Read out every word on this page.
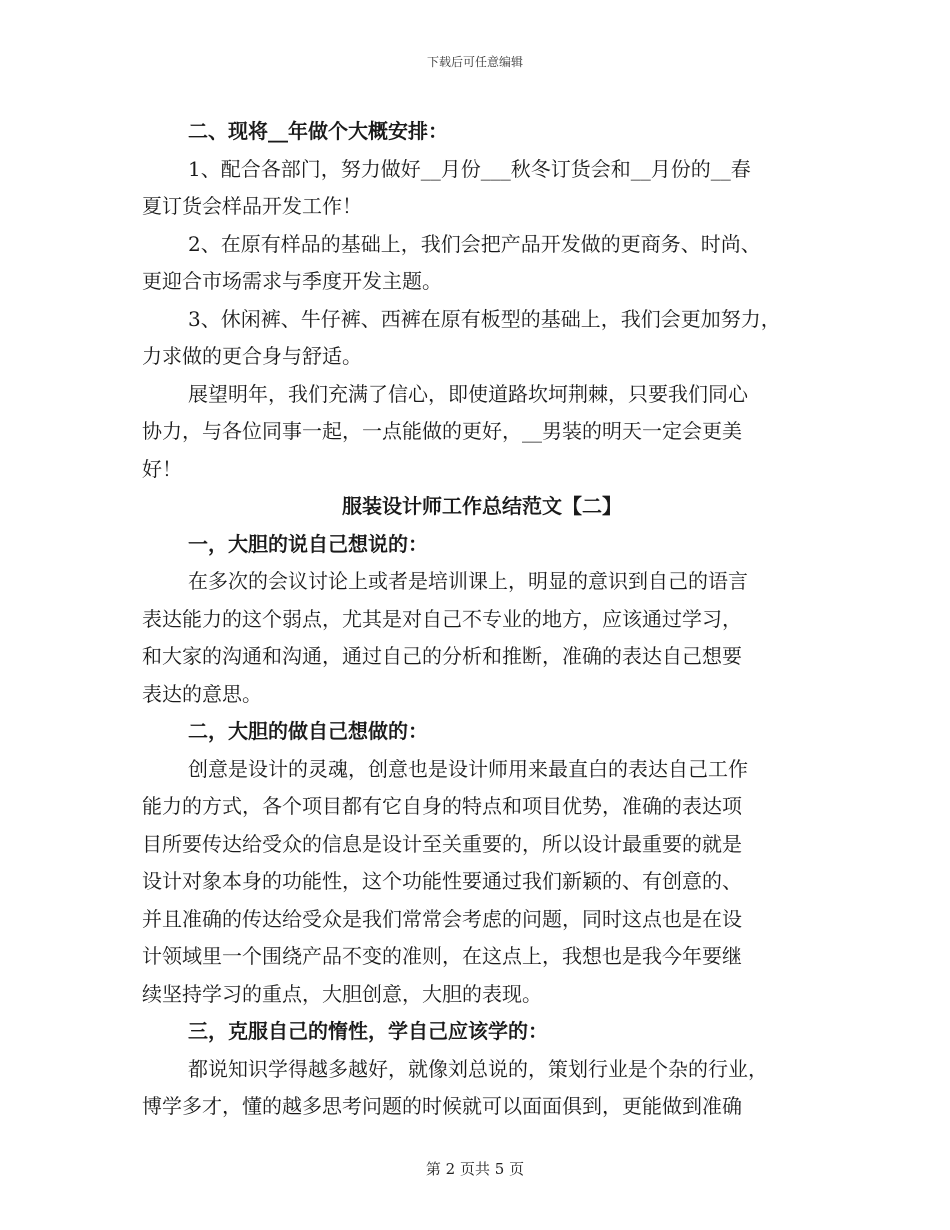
下载后可任意编辑
二、现将__年做个大概安排：
1、配合各部门，努力做好__月份___秋冬订货会和__月份的__春
夏订货会样品开发工作！
2、在原有样品的基础上，我们会把产品开发做的更商务、时尚、
更迎合市场需求与季度开发主题。
3、休闲裤、牛仔裤、西裤在原有板型的基础上，我们会更加努力，
力求做的更合身与舒适。
展望明年，我们充满了信心，即使道路坎坷荆棘，只要我们同心
协力，与各位同事一起，一点能做的更好，__男装的明天一定会更美
好！
服装设计师工作总结范文【二】
一，大胆的说自己想说的：
在多次的会议讨论上或者是培训课上，明显的意识到自己的语言
表达能力的这个弱点，尤其是对自己不专业的地方，应该通过学习，
和大家的沟通和沟通，通过自己的分析和推断，准确的表达自己想要
表达的意思。
二，大胆的做自己想做的：
创意是设计的灵魂，创意也是设计师用来最直白的表达自己工作
能力的方式，各个项目都有它自身的特点和项目优势，准确的表达项
目所要传达给受众的信息是设计至关重要的，所以设计最重要的就是
设计对象本身的功能性，这个功能性要通过我们新颖的、有创意的、
并且准确的传达给受众是我们常常会考虑的问题，同时这点也是在设
计领域里一个围绕产品不变的准则，在这点上，我想也是我今年要继
续坚持学习的重点，大胆创意，大胆的表现。
三，克服自己的惰性，学自己应该学的：
都说知识学得越多越好，就像刘总说的，策划行业是个杂的行业，
博学多才，懂的越多思考问题的时候就可以面面俱到，更能做到准确
第 2 页共 5 页
